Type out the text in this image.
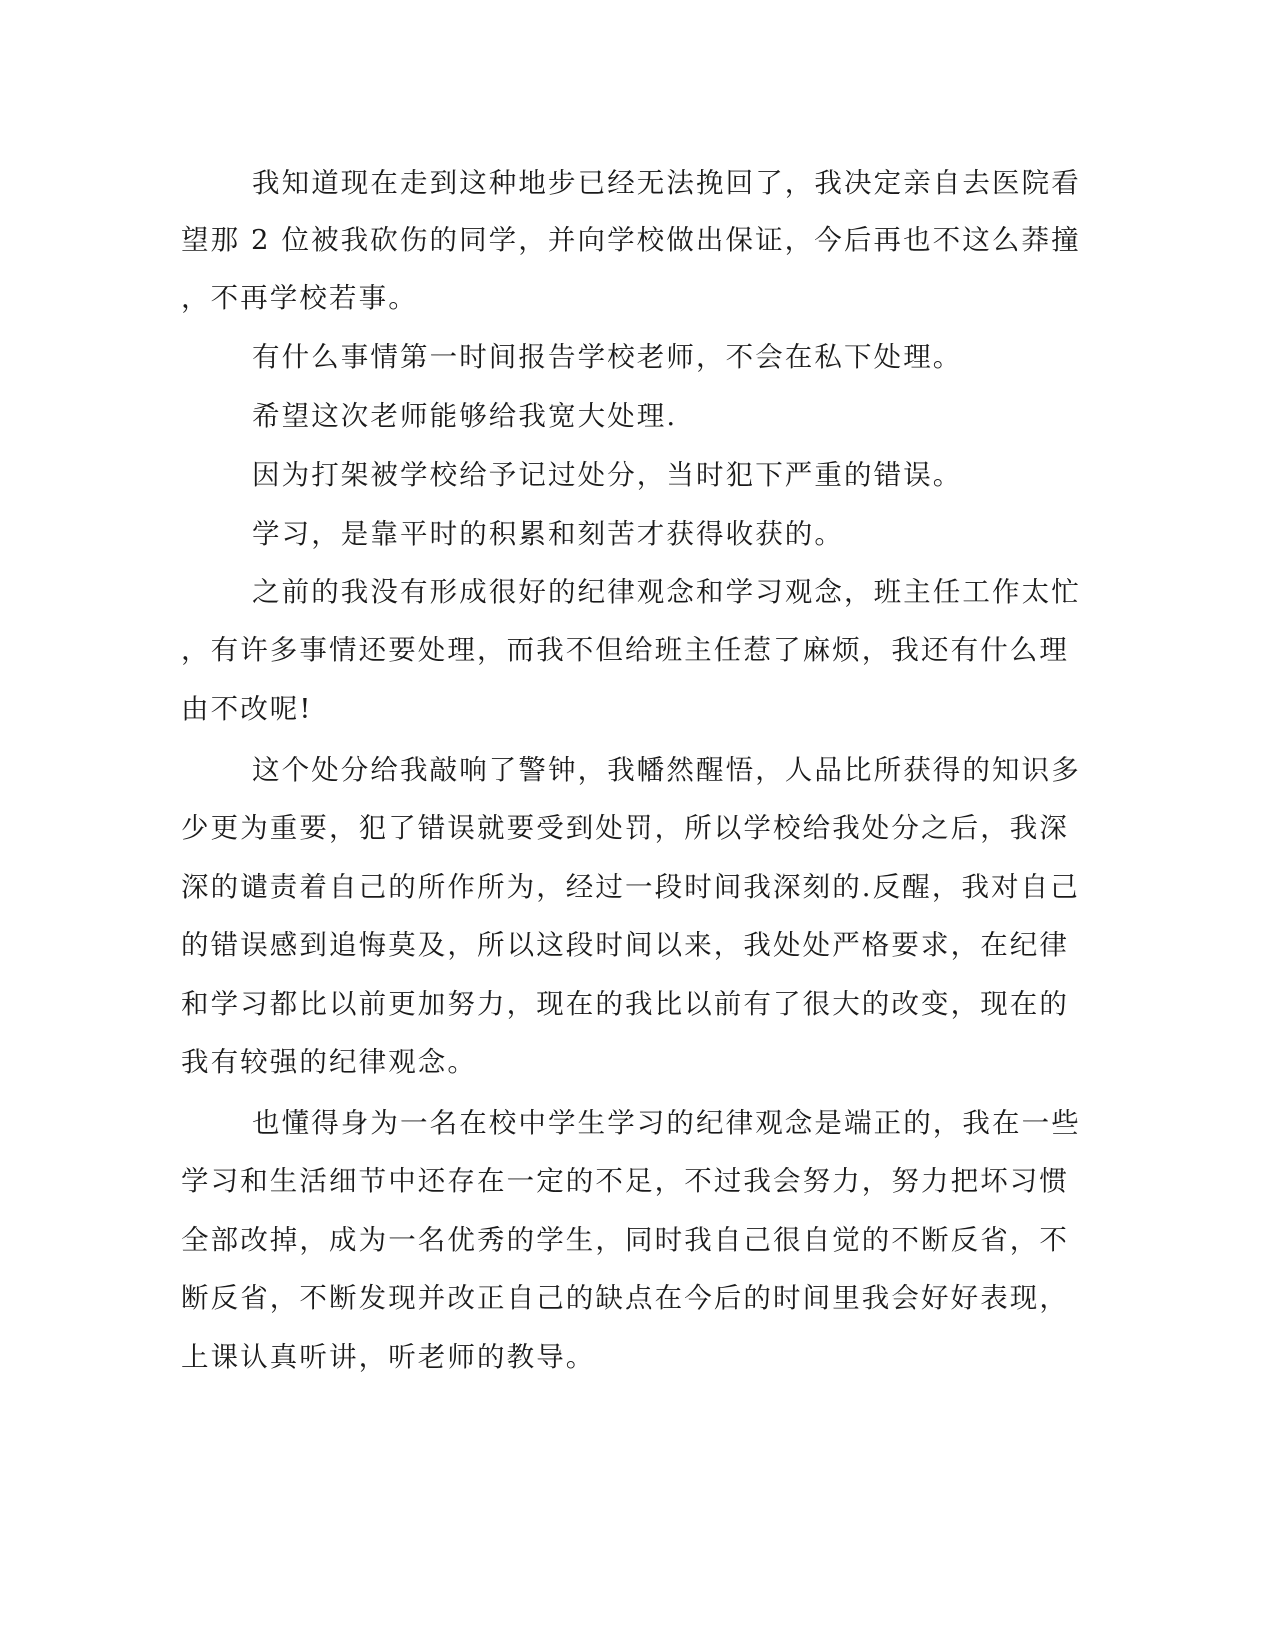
我知道现在走到这种地步已经无法挽回了，我决定亲自去医院看
望那 2 位被我砍伤的同学，并向学校做出保证，今后再也不这么莽撞
，不再学校若事。
有什么事情第一时间报告学校老师，不会在私下处理。
希望这次老师能够给我宽大处理.
因为打架被学校给予记过处分，当时犯下严重的错误。
学习，是靠平时的积累和刻苦才获得收获的。
之前的我没有形成很好的纪律观念和学习观念，班主任工作太忙
，有许多事情还要处理，而我不但给班主任惹了麻烦，我还有什么理
由不改呢!
这个处分给我敲响了警钟，我幡然醒悟，人品比所获得的知识多
少更为重要，犯了错误就要受到处罚，所以学校给我处分之后，我深
深的谴责着自己的所作所为，经过一段时间我深刻的.反醒，我对自己
的错误感到追悔莫及，所以这段时间以来，我处处严格要求，在纪律
和学习都比以前更加努力，现在的我比以前有了很大的改变，现在的
我有较强的纪律观念。
也懂得身为一名在校中学生学习的纪律观念是端正的，我在一些
学习和生活细节中还存在一定的不足，不过我会努力，努力把坏习惯
全部改掉，成为一名优秀的学生，同时我自己很自觉的不断反省，不
断反省，不断发现并改正自己的缺点在今后的时间里我会好好表现，
上课认真听讲，听老师的教导。
